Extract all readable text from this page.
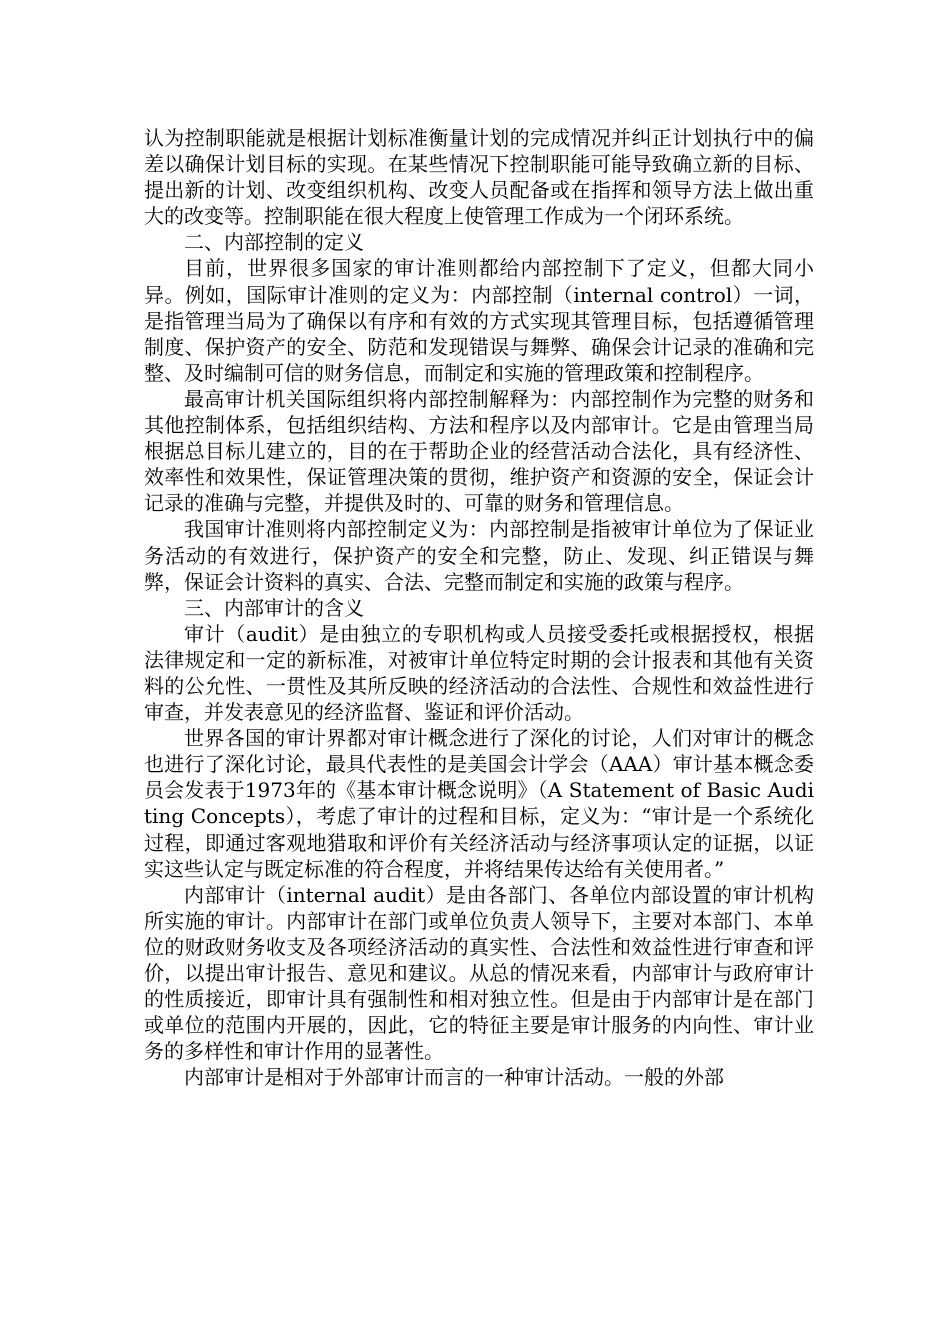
认为控制职能就是根据计划标准衡量计划的完成情况并纠正计划执行中的偏差以确保计划目标的实现。在某些情况下控制职能可能导致确立新的目标、提出新的计划、改变组织机构、改变人员配备或在指挥和领导方法上做出重大的改变等。控制职能在很大程度上使管理工作成为一个闭环系统。

二、内部控制的定义

目前，世界很多国家的审计准则都给内部控制下了定义，但都大同小异。例如，国际审计准则的定义为：内部控制（internal control）一词，是指管理当局为了确保以有序和有效的方式实现其管理目标，包括遵循管理制度、保护资产的安全、防范和发现错误与舞弊、确保会计记录的准确和完整、及时编制可信的财务信息，而制定和实施的管理政策和控制程序。

最高审计机关国际组织将内部控制解释为：内部控制作为完整的财务和其他控制体系，包括组织结构、方法和程序以及内部审计。它是由管理当局根据总目标儿建立的，目的在于帮助企业的经营活动合法化，具有经济性、效率性和效果性，保证管理决策的贯彻，维护资产和资源的安全，保证会计记录的准确与完整，并提供及时的、可靠的财务和管理信息。

我国审计准则将内部控制定义为：内部控制是指被审计单位为了保证业务活动的有效进行，保护资产的安全和完整，防止、发现、纠正错误与舞弊，保证会计资料的真实、合法、完整而制定和实施的政策与程序。

三、内部审计的含义

审计（audit）是由独立的专职机构或人员接受委托或根据授权，根据法律规定和一定的新标准，对被审计单位特定时期的会计报表和其他有关资料的公允性、一贯性及其所反映的经济活动的合法性、合规性和效益性进行审查，并发表意见的经济监督、鉴证和评价活动。

世界各国的审计界都对审计概念进行了深化的讨论，人们对审计的概念也进行了深化讨论，最具代表性的是美国会计学会（AAA）审计基本概念委员会发表于1973年的《基本审计概念说明》（A Statement of Basic Auditing Concepts），考虑了审计的过程和目标，定义为：“审计是一个系统化过程，即通过客观地猎取和评价有关经济活动与经济事项认定的证据，以证实这些认定与既定标准的符合程度，并将结果传达给有关使用者。”

内部审计（internal audit）是由各部门、各单位内部设置的审计机构所实施的审计。内部审计在部门或单位负责人领导下，主要对本部门、本单位的财政财务收支及各项经济活动的真实性、合法性和效益性进行审查和评价，以提出审计报告、意见和建议。从总的情况来看，内部审计与政府审计的性质接近，即审计具有强制性和相对独立性。但是由于内部审计是在部门或单位的范围内开展的，因此，它的特征主要是审计服务的内向性、审计业务的多样性和审计作用的显著性。

内部审计是相对于外部审计而言的一种审计活动。一般的外部
